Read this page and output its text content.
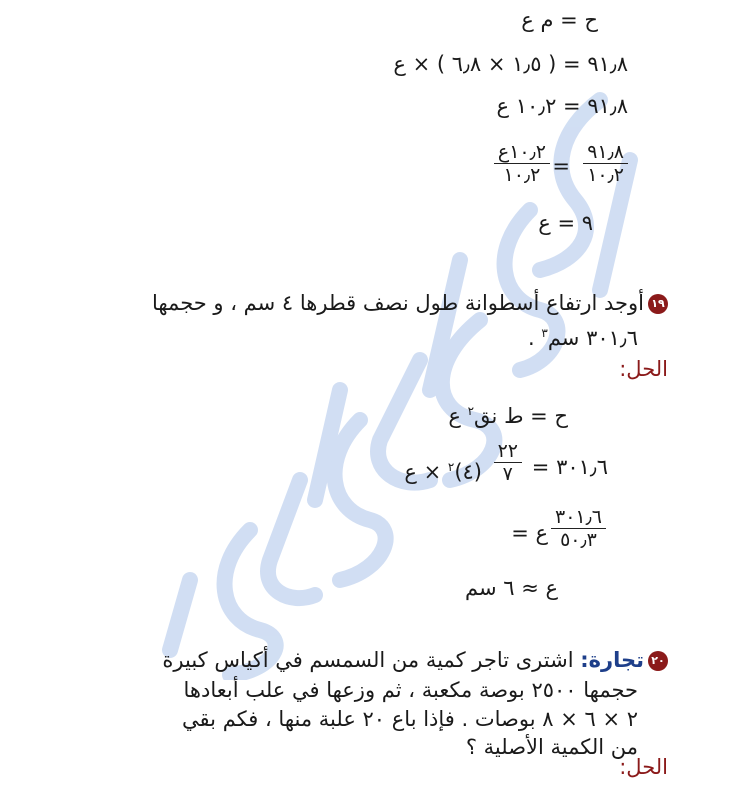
ح = م ع
٩١٫٨ = ( ١٫٥ × ٦٫٨ ) × ع
٩١٫٨ = ١٠٫٢ ع
٩١٫٨
١٠٫٢
=
١٠٫٢ع
١٠٫٢
٩ = ع
١٩أوجد ارتفاع أسطوانة طول نصف قطرها ٤ سم ، و حجمها
٣٠١٫٦ سم$^٣$ .
الحل:
ح = ط نق$^٢$ ع
٣٠١٫٦ =
٢٢
٧
(٤)$^٢$ × ع
ع =
٣٠١٫٦
٥٠٫٣
ع ≈ ٦ سم
٢٠تجارة: اشترى تاجر كمية من السمسم في أكياس كبيرة
حجمها ٢٥٠٠ بوصة مكعبة ، ثم وزعها في علب أبعادها
٢ × ٦ × ٨ بوصات . فإذا باع ٢٠ علبة منها ، فكم بقي
من الكمية الأصلية ؟
الحل:
